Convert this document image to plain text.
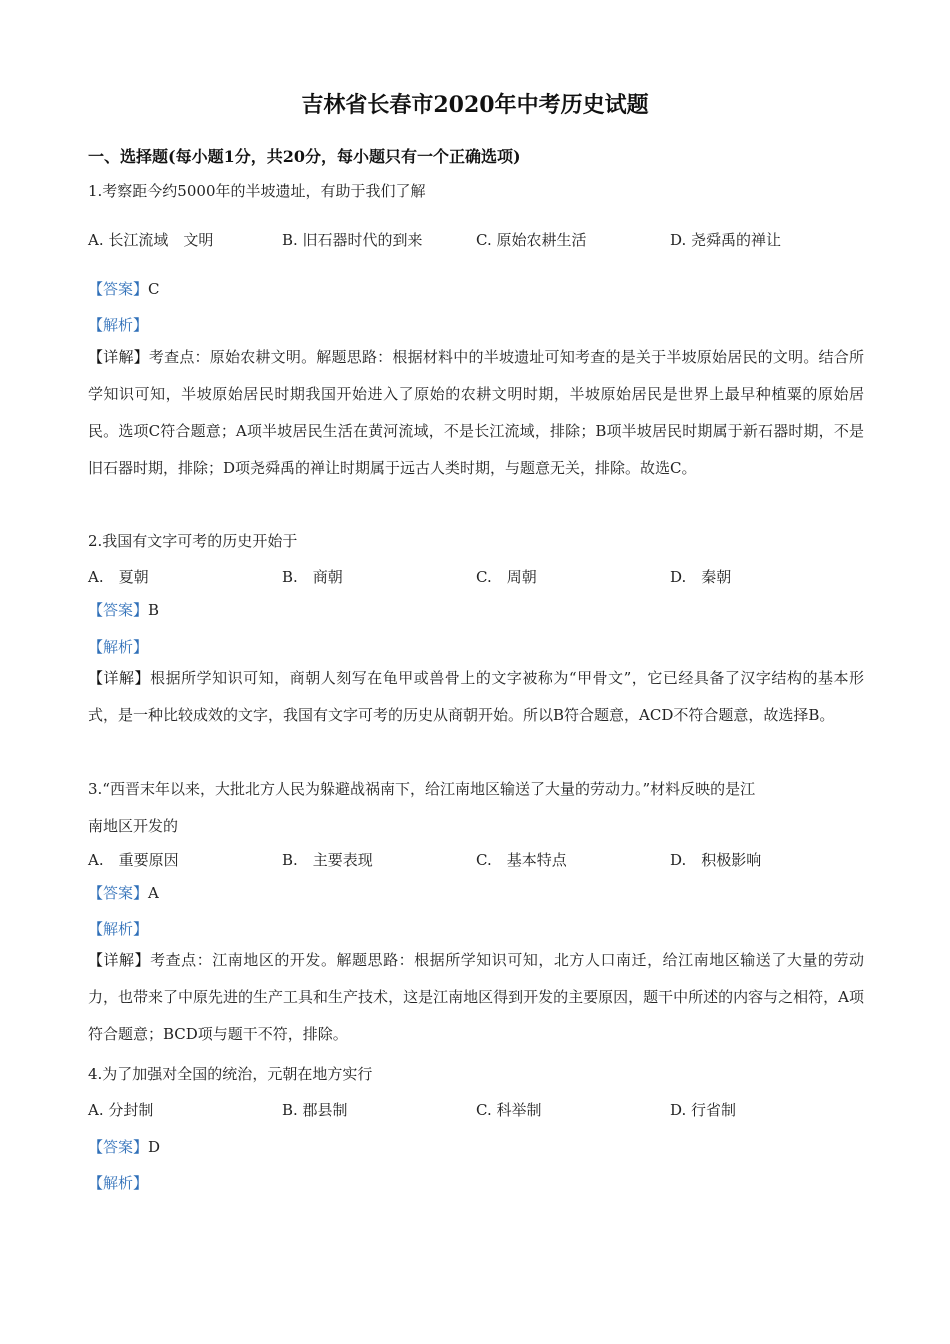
吉林省长春市2020年中考历史试题
一、选择题(每小题1分，共20分，每小题只有一个正确选项)
1.考察距今约5000年的半坡遗址，有助于我们了解
A. 长江流域　文明	B. 旧石器时代的到来	C. 原始农耕生活	D. 尧舜禹的禅让
【答案】C
【解析】
【详解】考查点：原始农耕文明。解题思路：根据材料中的半坡遗址可知考查的是关于半坡原始居民的文明。结合所学知识可知，半坡原始居民时期我国开始进入了原始的农耕文明时期，半坡原始居民是世界上最早种植粟的原始居民。选项C符合题意；A项半坡居民生活在黄河流域，不是长江流域，排除；B项半坡居民时期属于新石器时期，不是旧石器时期，排除；D项尧舜禹的禅让时期属于远古人类时期，与题意无关，排除。故选C。
2.我国有文字可考的历史开始于
A.　夏朝	B.　商朝	C.　周朝	D.　秦朝
【答案】B
【解析】
【详解】根据所学知识可知，商朝人刻写在龟甲或兽骨上的文字被称为“甲骨文”，它已经具备了汉字结构的基本形式，是一种比较成效的文字，我国有文字可考的历史从商朝开始。所以B符合题意，ACD不符合题意，故选择B。
3.“西晋末年以来，大批北方人民为躲避战祸南下，给江南地区输送了大量的劳动力。”材料反映的是江
南地区开发的
A.　重要原因	B.　主要表现	C.　基本特点	D.　积极影响
【答案】A
【解析】
【详解】考查点：江南地区的开发。解题思路：根据所学知识可知，北方人口南迁，给江南地区输送了大量的劳动力，也带来了中原先进的生产工具和生产技术，这是江南地区得到开发的主要原因，题干中所述的内容与之相符，A项符合题意；BCD项与题干不符，排除。
4.为了加强对全国的统治，元朝在地方实行
A. 分封制	B. 郡县制	C. 科举制	D. 行省制
【答案】D
【解析】
